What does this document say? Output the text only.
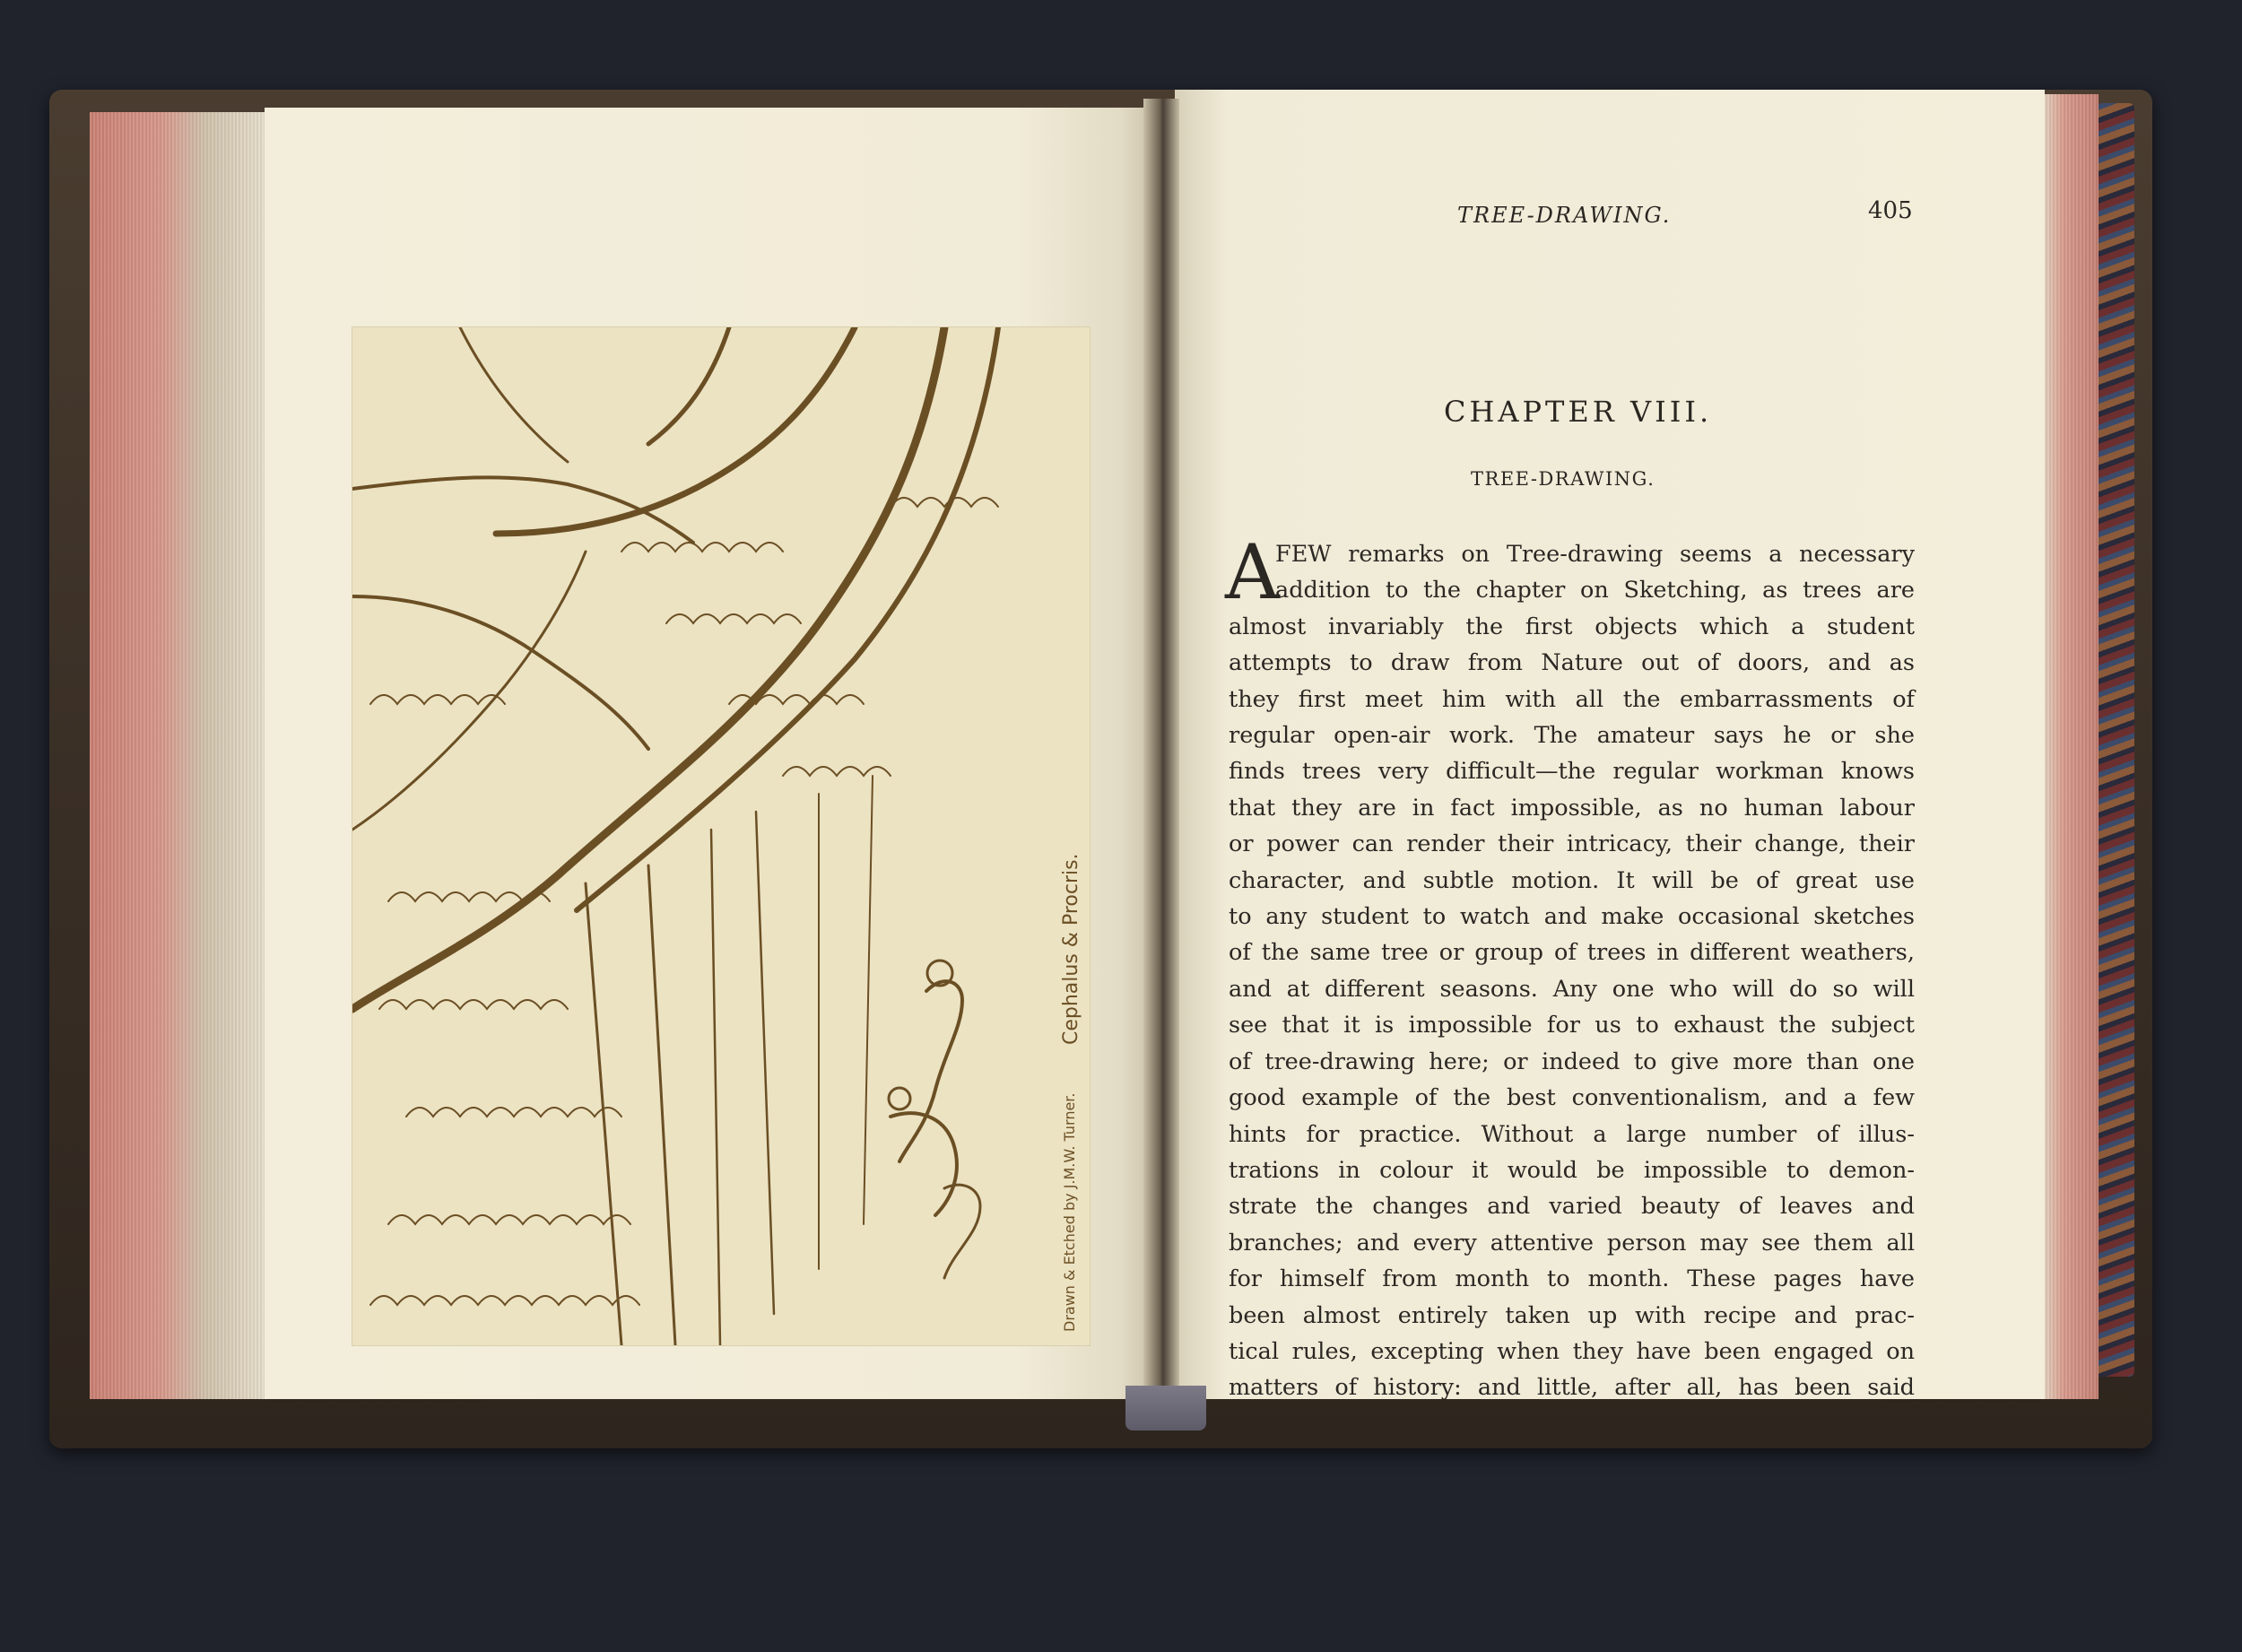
Drawn & Etched by J.M.W. Turner.
Cephalus & Procris.
TREE-DRAWING.	405
CHAPTER VIII.
TREE-DRAWING.
A
FEW remarks on Tree-drawing seems a necessary
addition to the chapter on Sketching, as trees are
almost invariably the first objects which a student
attempts to draw from Nature out of doors, and as
they first meet him with all the embarrassments of
regular open-air work. The amateur says he or she
finds trees very difficult—the regular workman knows
that they are in fact impossible, as no human labour
or power can render their intricacy, their change, their
character, and subtle motion. It will be of great use
to any student to watch and make occasional sketches
of the same tree or group of trees in different weathers,
and at different seasons. Any one who will do so will
see that it is impossible for us to exhaust the subject
of tree-drawing here; or indeed to give more than one
good example of the best conventionalism, and a few
hints for practice. Without a large number of illus-
trations in colour it would be impossible to demon-
strate the changes and varied beauty of leaves and
branches; and every attentive person may see them all
for himself from month to month. These pages have
been almost entirely taken up with recipe and prac-
tical rules, excepting when they have been engaged on
matters of history: and little, after all, has been said
